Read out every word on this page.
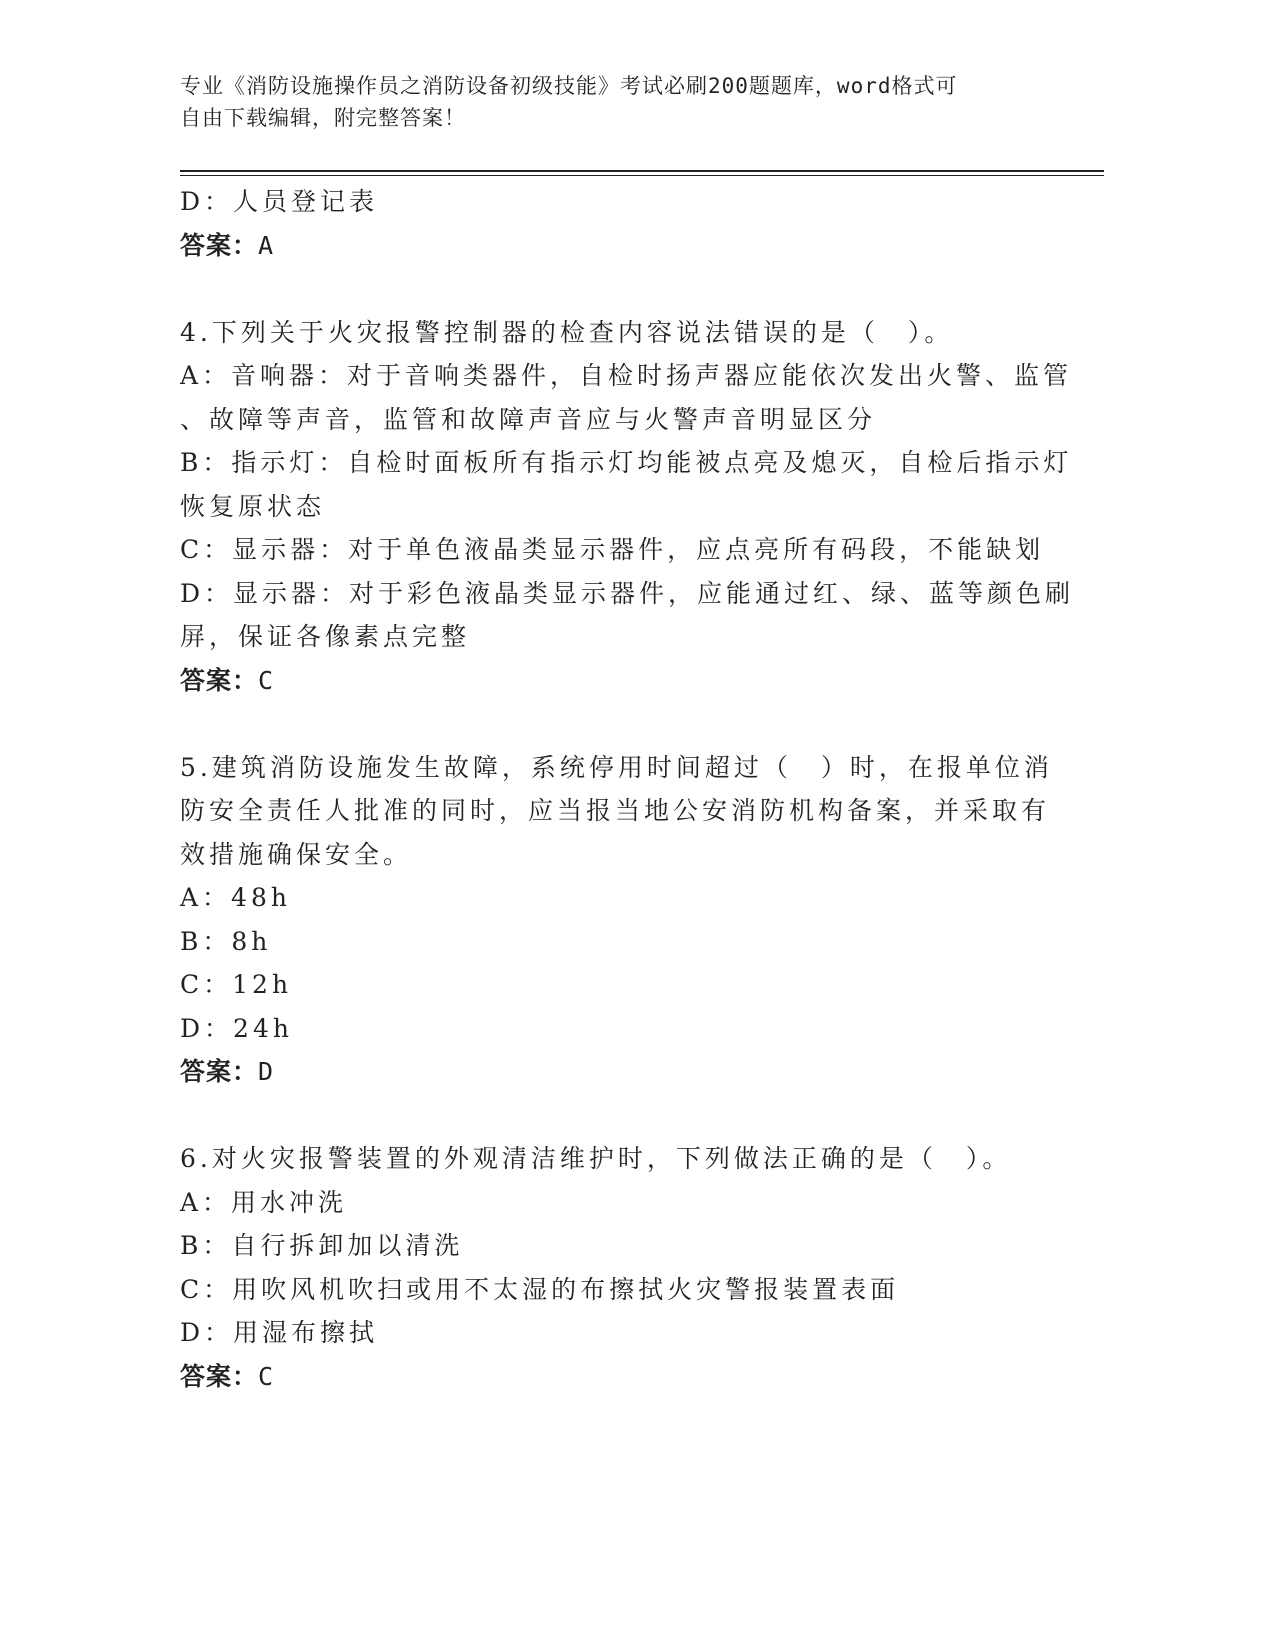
专业《消防设施操作员之消防设备初级技能》考试必刷200题题库，word格式可
自由下载编辑，附完整答案！
D：人员登记表
答案：A
4.下列关于火灾报警控制器的检查内容说法错误的是（　）。
A：音响器：对于音响类器件，自检时扬声器应能依次发出火警、监管
、故障等声音，监管和故障声音应与火警声音明显区分
B：指示灯：自检时面板所有指示灯均能被点亮及熄灭，自检后指示灯
恢复原状态
C：显示器：对于单色液晶类显示器件，应点亮所有码段，不能缺划
D：显示器：对于彩色液晶类显示器件，应能通过红、绿、蓝等颜色刷
屏，保证各像素点完整
答案：C
5.建筑消防设施发生故障，系统停用时间超过（　）时，在报单位消
防安全责任人批准的同时，应当报当地公安消防机构备案，并采取有
效措施确保安全。
A：48h
B：8h
C：12h
D：24h
答案：D
6.对火灾报警装置的外观清洁维护时，下列做法正确的是（　）。
A：用水冲洗
B：自行拆卸加以清洗
C：用吹风机吹扫或用不太湿的布擦拭火灾警报装置表面
D：用湿布擦拭
答案：C
